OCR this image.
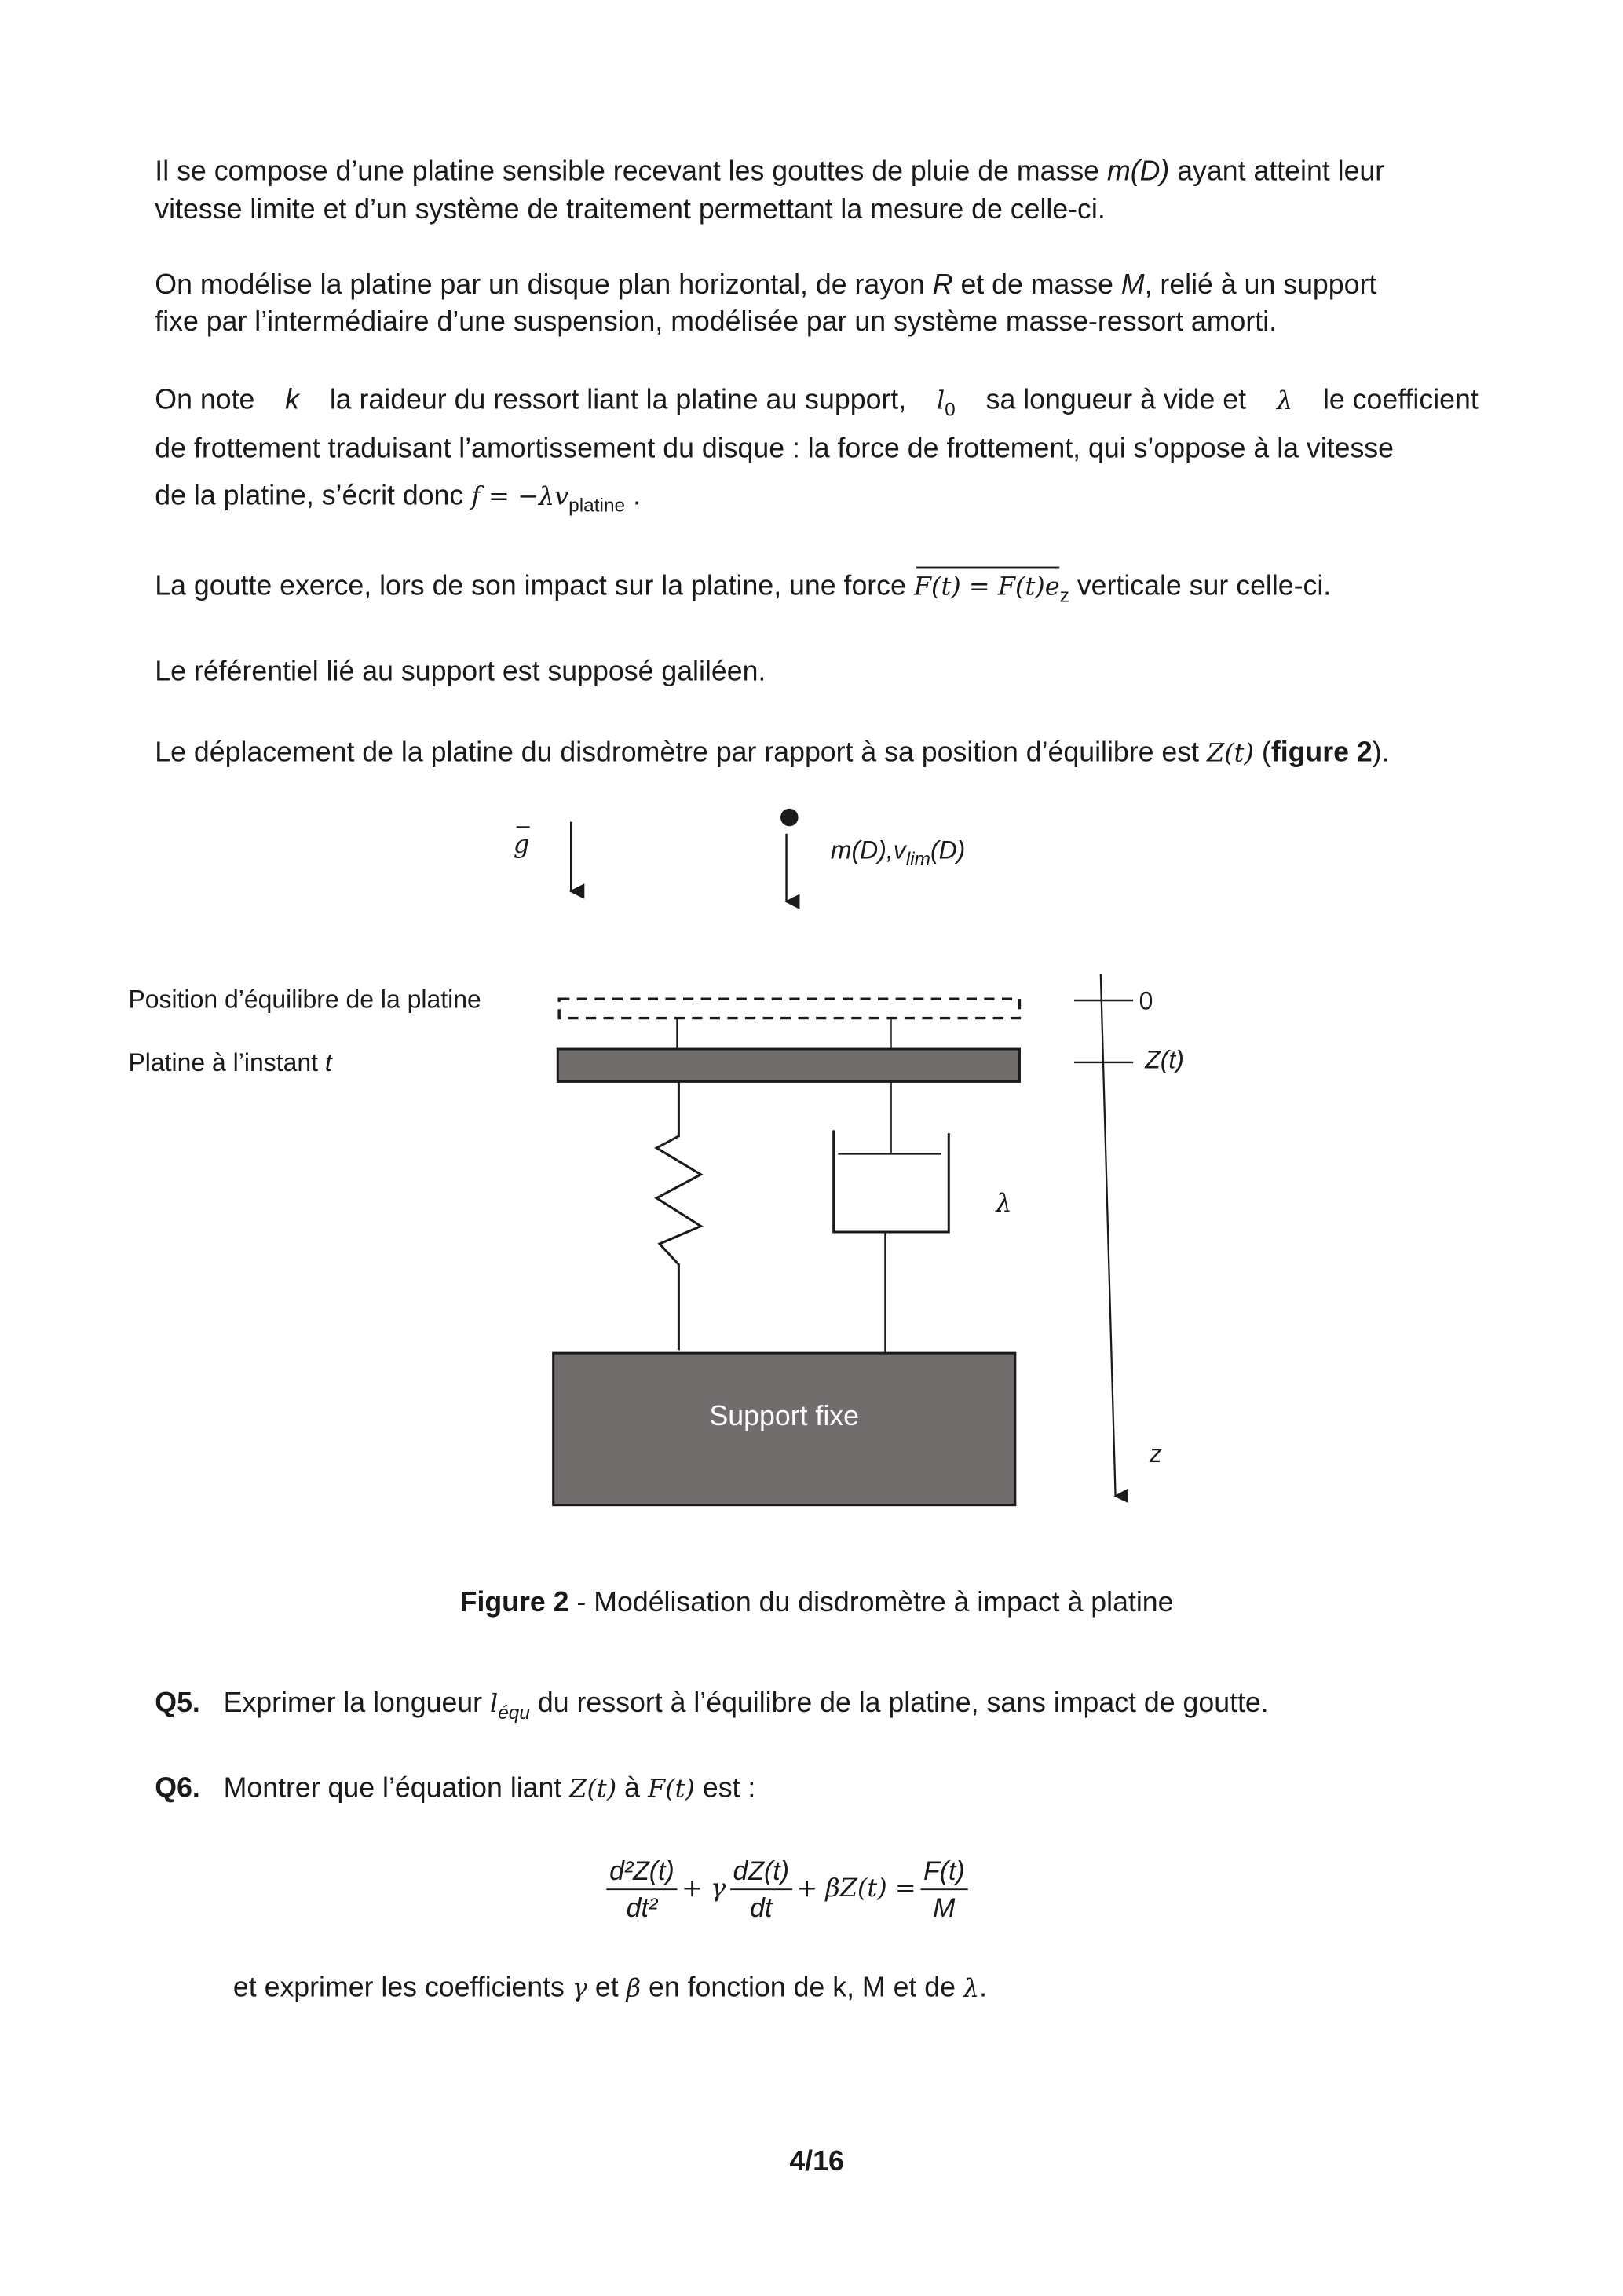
Il se compose d’une platine sensible recevant les gouttes de pluie de masse m(D) ayant atteint leur
vitesse limite et d’un système de traitement permettant la mesure de celle-ci.
On modélise la platine par un disque plan horizontal, de rayon R et de masse M, relié à un support
fixe par l’intermédiaire d’une suspension, modélisée par un système masse-ressort amorti.
On note k la raideur du ressort liant la platine au support, $l_0$ sa longueur à vide et λ le coefficient
de frottement traduisant l’amortissement du disque : la force de frottement, qui s’oppose à la vitesse
de la platine, s’écrit donc $f = -\lambda v_{platine}$ .
La goutte exerce, lors de son impact sur la platine, une force $F(t) = F(t)e_z$ verticale sur celle-ci.
Le référentiel lié au support est supposé galiléen.
Le déplacement de la platine du disdromètre par rapport à sa position d’équilibre est Z(t) (figure 2).
g	$m(D),v_{lim}(D)$
Position d’équilibre de la platine
Platine à l’instant t
0
Z(t)
λ
Support fixe
z
Figure 2 - Modélisation du disdromètre à impact à platine
Q5. Exprimer la longueur $l_{équ}$ du ressort à l’équilibre de la platine, sans impact de goutte.
Q6. Montrer que l’équation liant Z(t) à F(t) est :
$\frac{\text{d²Z(t)}}{\text{dt²}} + \gamma \frac{dZ(t)}{dt} + \beta Z(t) = \frac{F(t)}{M}$
et exprimer les coefficients γ et β en fonction de k, M et de λ.
4/16
